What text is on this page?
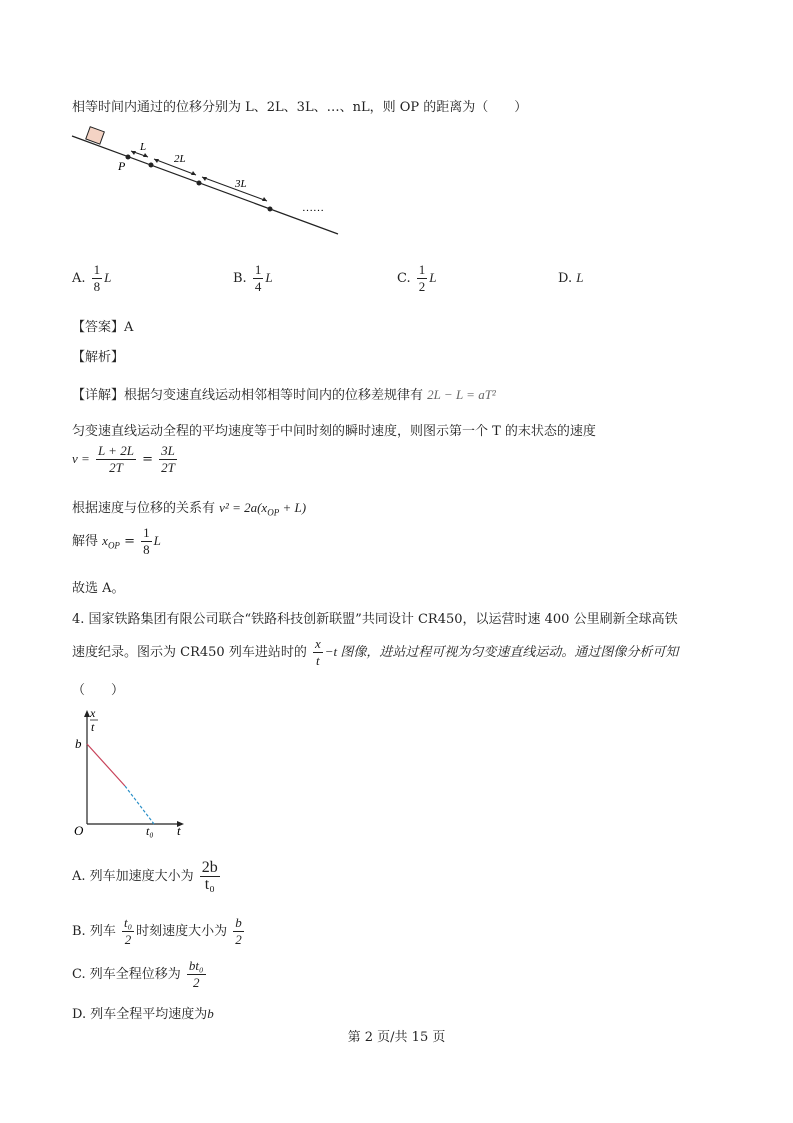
相等时间内通过的位移分别为 L、2L、3L、…、nL，则 OP 的距离为（　　）
P
L
2L
3L
……
A. $\frac{1}{8}$ L	B. $\frac{1}{4}$ L	C. $\frac{1}{2}$ L	D. L
【答案】A
【解析】
【详解】根据匀变速直线运动相邻相等时间内的位移差规律有 2L − L = aT²
匀变速直线运动全程的平均速度等于中间时刻的瞬时速度，则图示第一个 T 的末状态的速度
$v = \frac{L + 2L}{2T} = \frac{3L}{2T}$
根据速度与位移的关系有 $v^2 = 2a(x_{OP} + L)$
解得 $x_{OP} = \frac{1}{8}$ L
故选 A。
4. 国家铁路集团有限公司联合“铁路科技创新联盟”共同设计 CR450，以运营时速 400 公里刷新全球高铁
速度纪录。图示为 CR450 列车进站时的 $\frac{x}{t} -t$ 图像，进站过程可视为匀变速直线运动。通过图像分析可知
（　　）
x
t
b
O	t₀ t
A. 列车加速度大小为 $\frac{2b}{\text{t₀}}$
B. 列车 $\frac{\text{t₀}}{2}$ 时刻速度大小为 $\frac{b}{2}$
C. 列车全程位移为 $\frac{\text{bt₀}}{2}$
D. 列车全程平均速度为b
第 2 页/共 15 页
